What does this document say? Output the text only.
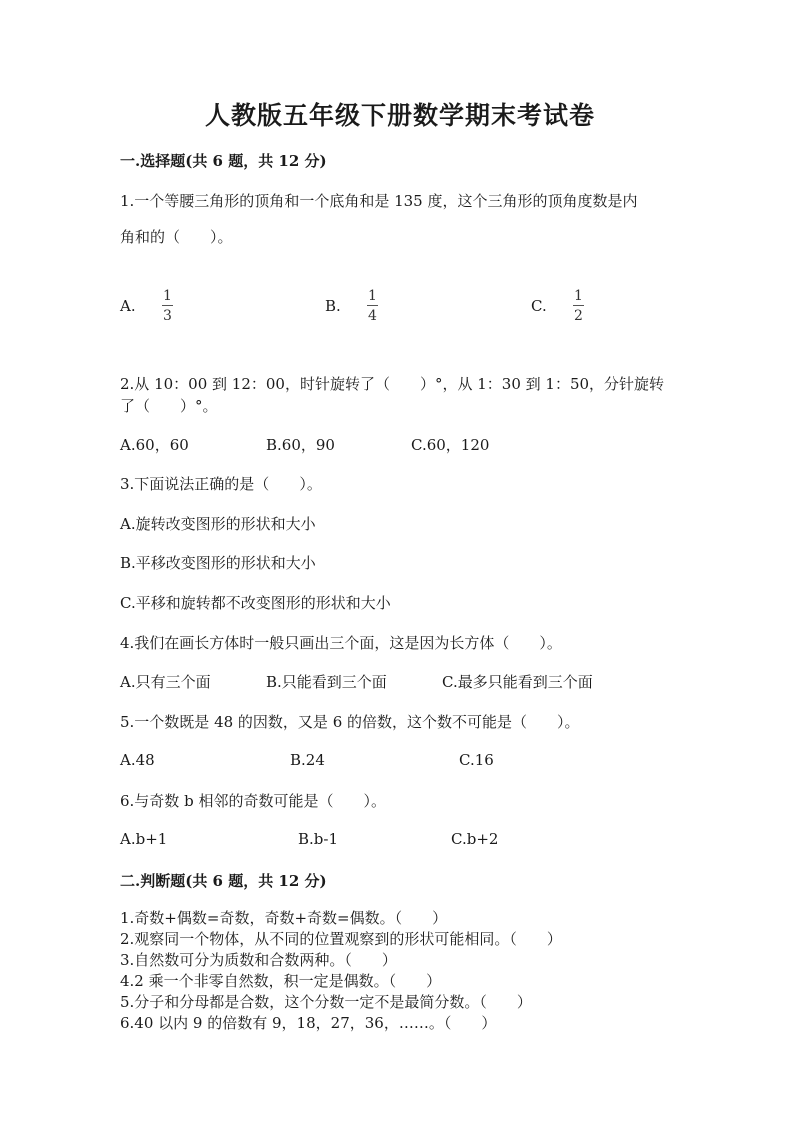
人教版五年级下册数学期末考试卷
一.选择题(共 6 题，共 12 分)
1.一个等腰三角形的顶角和一个底角和是 135 度，这个三角形的顶角度数是内
角和的（　　）。
A.
1
3
B.
1
4
C.
1
2
2.从 10：00 到 12：00，时针旋转了（　　）°，从 1：30 到 1：50，分针旋转
了（　　）°。
A.60，60	B.60，90	C.60，120
3.下面说法正确的是（　　）。
A.旋转改变图形的形状和大小
B.平移改变图形的形状和大小
C.平移和旋转都不改变图形的形状和大小
4.我们在画长方体时一般只画出三个面，这是因为长方体（　　）。
A.只有三个面	B.只能看到三个面	C.最多只能看到三个面
5.一个数既是 48 的因数，又是 6 的倍数，这个数不可能是（　　）。
A.48	B.24	C.16
6.与奇数 b 相邻的奇数可能是（　　）。
A.b+1	B.b-1	C.b+2
二.判断题(共 6 题，共 12 分)
1.奇数+偶数=奇数，奇数+奇数=偶数。（　　）
2.观察同一个物体，从不同的位置观察到的形状可能相同。（　　）
3.自然数可分为质数和合数两种。（　　）
4.2 乘一个非零自然数，积一定是偶数。（　　）
5.分子和分母都是合数，这个分数一定不是最简分数。（　　）
6.40 以内 9 的倍数有 9，18，27，36，……。（　　）
